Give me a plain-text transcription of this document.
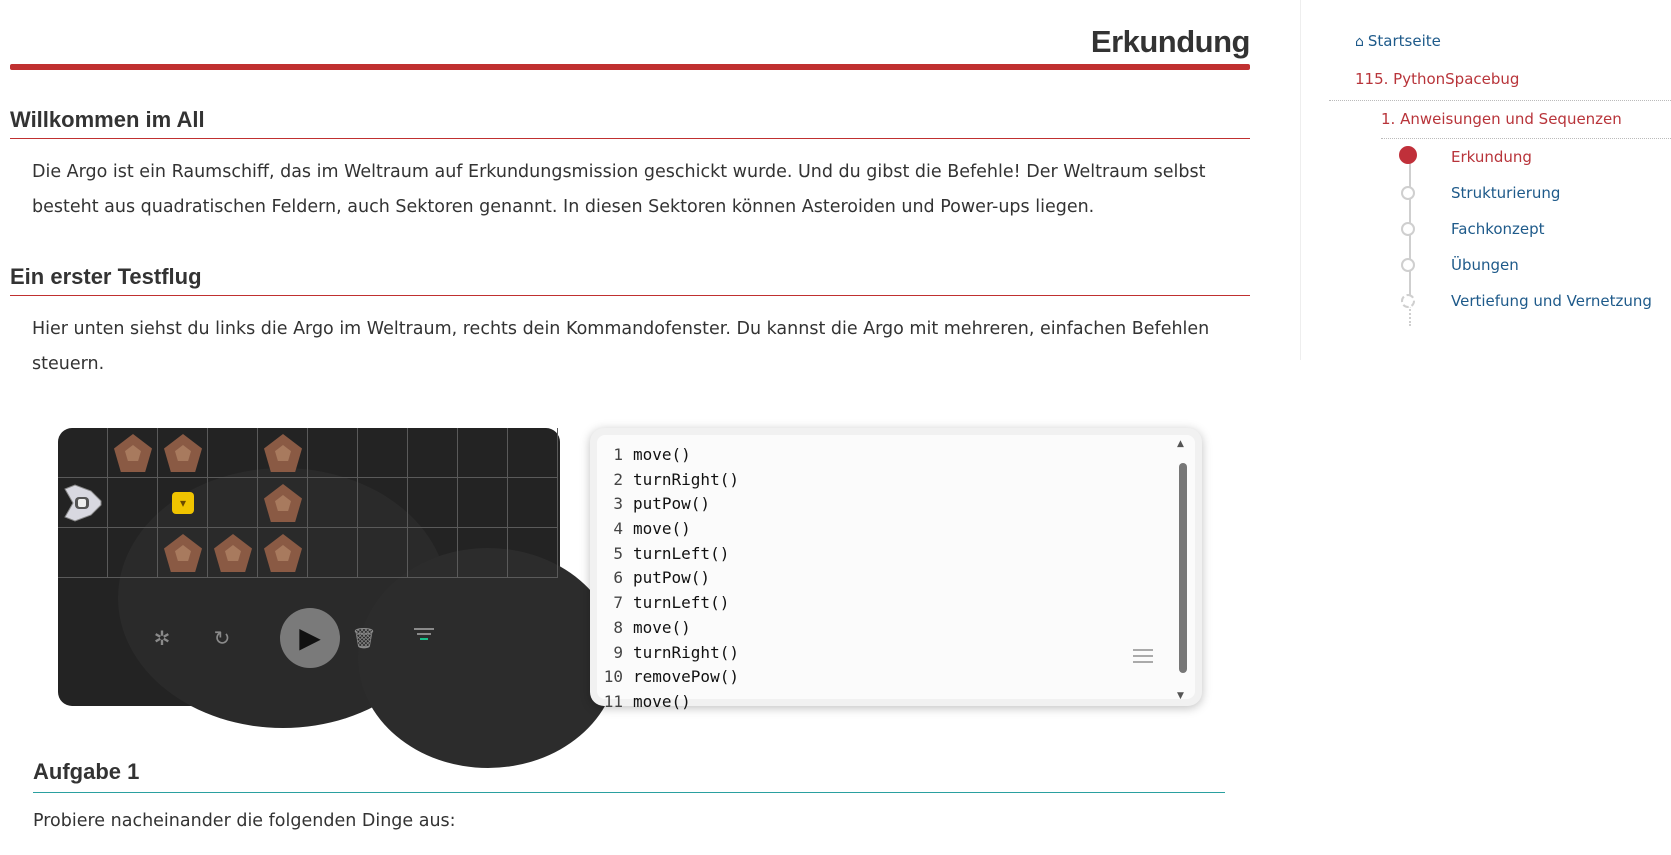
Erkundung
Willkommen im All

Die Argo ist ein Raumschiff, das im Weltraum auf Erkundungsmission geschickt wurde. Und du gibst die Befehle! Der Weltraum selbst besteht aus quadratischen Feldern, auch Sektoren genannt. In diesen Sektoren können Asteroiden und Power-ups liegen.

Ein erster Testflug

Hier unten siehst du links die Argo im Weltraum, rechts dein Kommandofenster. Du kannst die Argo mit mehreren, einfachen Befehlen steuern.

▾
✲ ↻	▶	🗑
1 move()
2 turnRight()
3 putPow()
4 move()
5 turnLeft()
6 putPow()
7 turnLeft()
8 move()
9 turnRight()
10 removePow()
11 move()
▲
▼
Aufgabe 1

Probiere nacheinander die folgenden Dinge aus:

⌂ Startseite
115. PythonSpacebug
1. Anweisungen und Sequenzen
Erkundung
Strukturierung
Fachkonzept
Übungen
Vertiefung und Vernetzung
